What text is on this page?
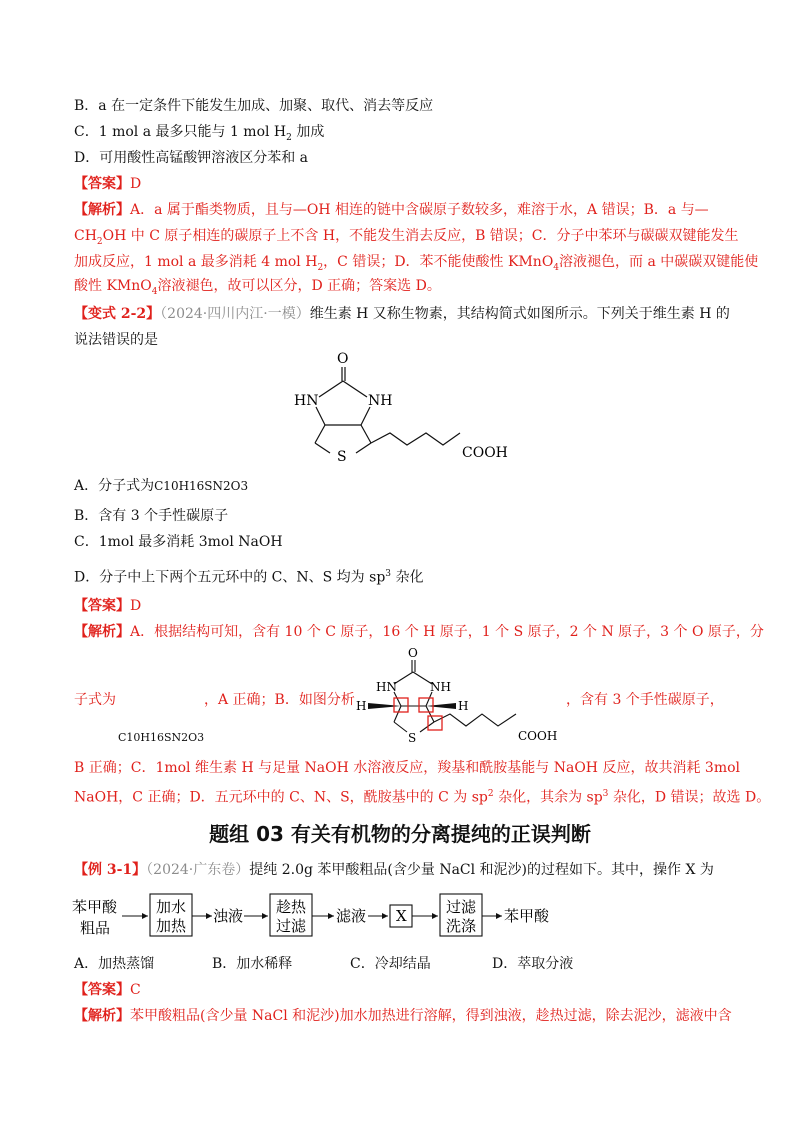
B．a 在一定条件下能发生加成、加聚、取代、消去等反应
C．1 mol a 最多只能与 1 mol $H_2$ 加成
D．可用酸性高锰酸钾溶液区分苯和 a
【答案】D
【解析】A．a 属于酯类物质，且与—OH 相连的链中含碳原子数较多，难溶于水，A 错误；B．a 与—
$CH_2OH$ 中 C 原子相连的碳原子上不含 H，不能发生消去反应，B 错误；C．分子中苯环与碳碳双键能发生
加成反应，1 mol a 最多消耗 4 mol $H_2$，C 错误；D．苯不能使酸性 KMnO$_4$溶液褪色，而 a 中碳碳双键能使
酸性 KMnO$_4$溶液褪色，故可以区分，D 正确；答案选 D。
【变式 2-2】（2024·四川内江·一模）维生素 H 又称生物素，其结构简式如图所示。下列关于维生素 H 的
说法错误的是
O
HN	NH
S	COOH
A．分子式为C10H16SN2O3
B．含有 3 个手性碳原子
C．1mol 最多消耗 3mol NaOH
D．分子中上下两个五元环中的 C、N、S 均为 $sp^3$ 杂化
【答案】D
【解析】A．根据结构可知，含有 10 个 C 原子，16 个 H 原子，1 个 S 原子，2 个 N 原子，3 个 O 原子，分
子式为	，A 正确；B．如图分析	，含有 3 个手性碳原子，
C10H16SN2O3
O
HN	NH
H	H
S	COOH
B 正确；C．1mol 维生素 H 与足量 NaOH 水溶液反应，羧基和酰胺基能与 NaOH 反应，故共消耗 3mol
NaOH，C 正确；D．五元环中的 C、N、S，酰胺基中的 C 为 $sp^2$ 杂化，其余为 $sp^3$ 杂化，D 错误；故选 D。
题组 03 有关有机物的分离提纯的正误判断
【例 3-1】（2024·广东卷）提纯 2.0g 苯甲酸粗品(含少量 NaCl 和泥沙)的过程如下。其中，操作 X 为
苯甲酸
粗品
加水
加热
浊液 趁热
过滤
滤液 X	过滤
洗涤
苯甲酸
A．加热蒸馏	B．加水稀释	C．冷却结晶	D．萃取分液
【答案】C
【解析】苯甲酸粗品(含少量 NaCl 和泥沙)加水加热进行溶解，得到浊液，趁热过滤，除去泥沙，滤液中含
